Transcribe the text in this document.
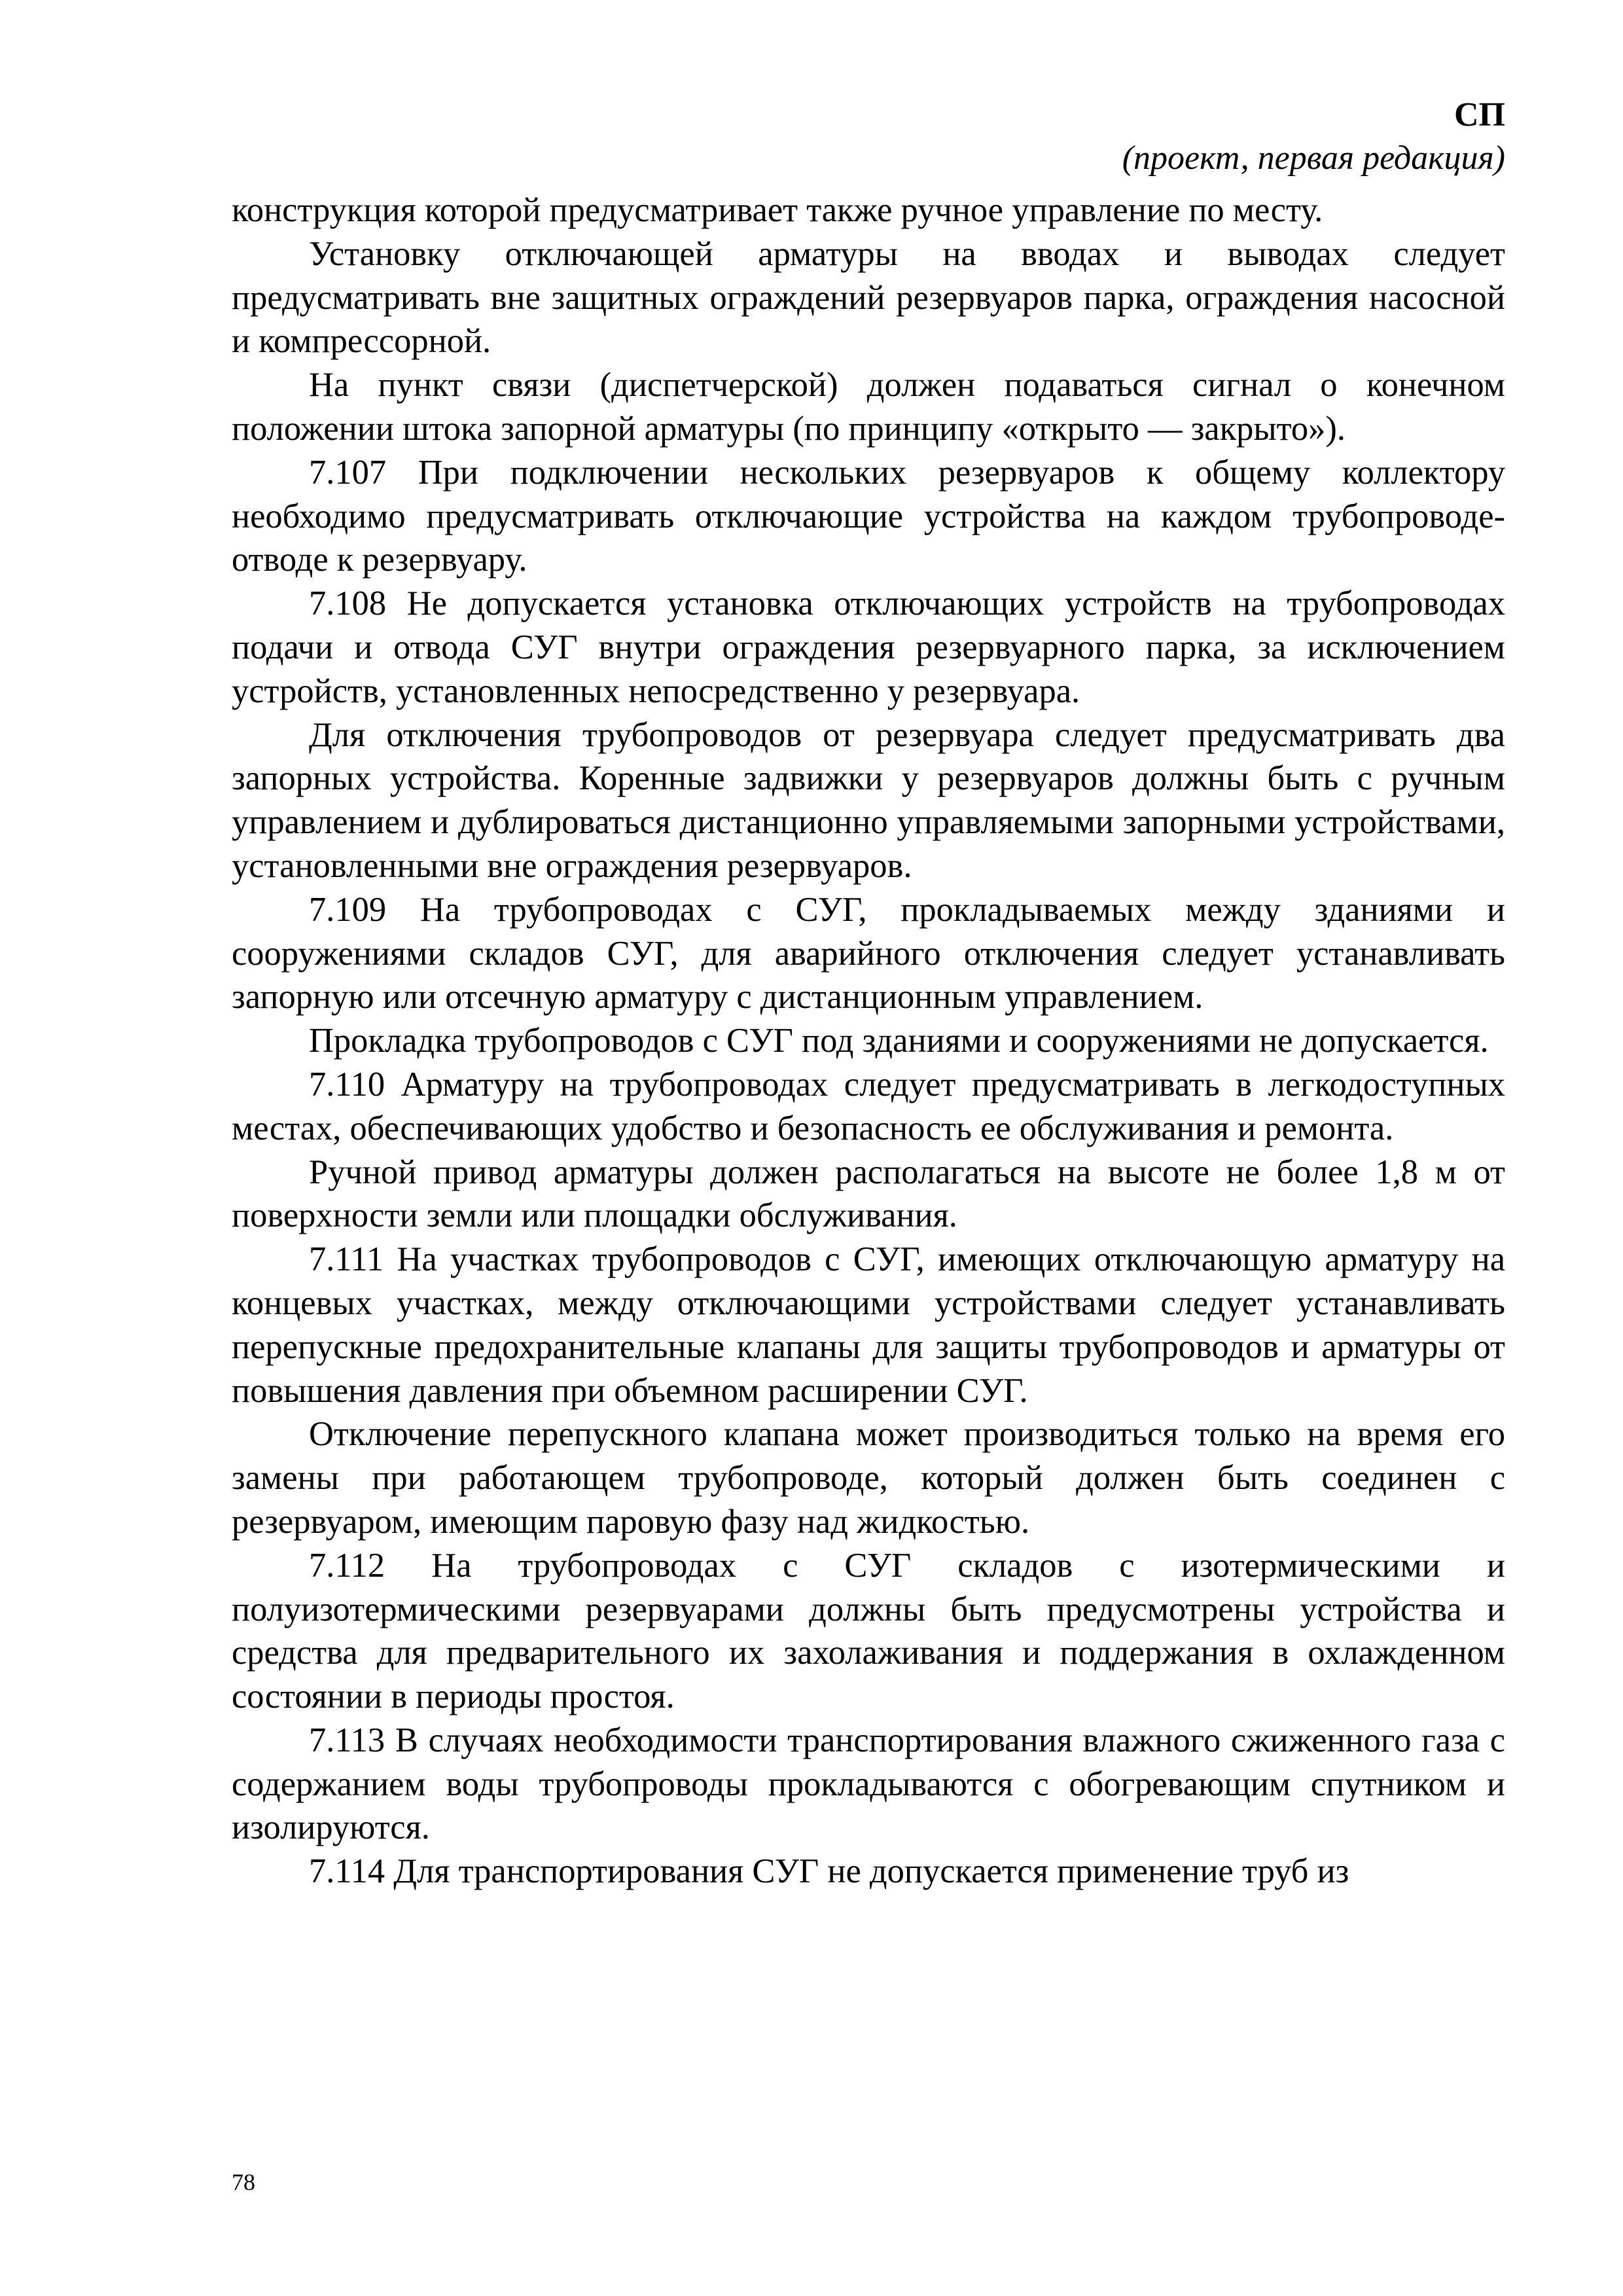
СП
(проект, первая редакция)

конструкция которой предусматривает также ручное управление по месту.

Установку отключающей арматуры на вводах и выводах следует предусматривать вне защитных ограждений резервуаров парка, ограждения насосной и компрессорной.

На пункт связи (диспетчерской) должен подаваться сигнал о конечном положении штока запорной арматуры (по принципу «открыто — закрыто»).

7.107 При подключении нескольких резервуаров к общему коллектору необходимо предусматривать отключающие устройства на каждом трубопроводе-отводе к резервуару.

7.108 Не допускается установка отключающих устройств на трубопроводах подачи и отвода СУГ внутри ограждения резервуарного парка, за исключением устройств, установленных непосредственно у резервуара.

Для отключения трубопроводов от резервуара следует предусматривать два запорных устройства. Коренные задвижки у резервуаров должны быть с ручным управлением и дублироваться дистанционно управляемыми запорными устройствами, установленными вне ограждения резервуаров.

7.109 На трубопроводах с СУГ, прокладываемых между зданиями и сооружениями складов СУГ, для аварийного отключения следует устанавливать запорную или отсечную арматуру с дистанционным управлением.

Прокладка трубопроводов с СУГ под зданиями и сооружениями не допускается.

7.110 Арматуру на трубопроводах следует предусматривать в легкодоступных местах, обеспечивающих удобство и безопасность ее обслуживания и ремонта.

Ручной привод арматуры должен располагаться на высоте не более 1,8 м от поверхности земли или площадки обслуживания.

7.111 На участках трубопроводов с СУГ, имеющих отключающую арматуру на концевых участках, между отключающими устройствами следует устанавливать перепускные предохранительные клапаны для защиты трубопроводов и арматуры от повышения давления при объемном расширении СУГ.

Отключение перепускного клапана может производиться только на время его замены при работающем трубопроводе, который должен быть соединен с резервуаром, имеющим паровую фазу над жидкостью.

7.112 На трубопроводах с СУГ складов с изотермическими и полуизотермическими резервуарами должны быть предусмотрены устройства и средства для предварительного их захолаживания и поддержания в охлажденном состоянии в периоды простоя.

7.113 В случаях необходимости транспортирования влажного сжиженного газа с содержанием воды трубопроводы прокладываются с обогревающим спутником и изолируются.

7.114 Для транспортирования СУГ не допускается применение труб из

78
